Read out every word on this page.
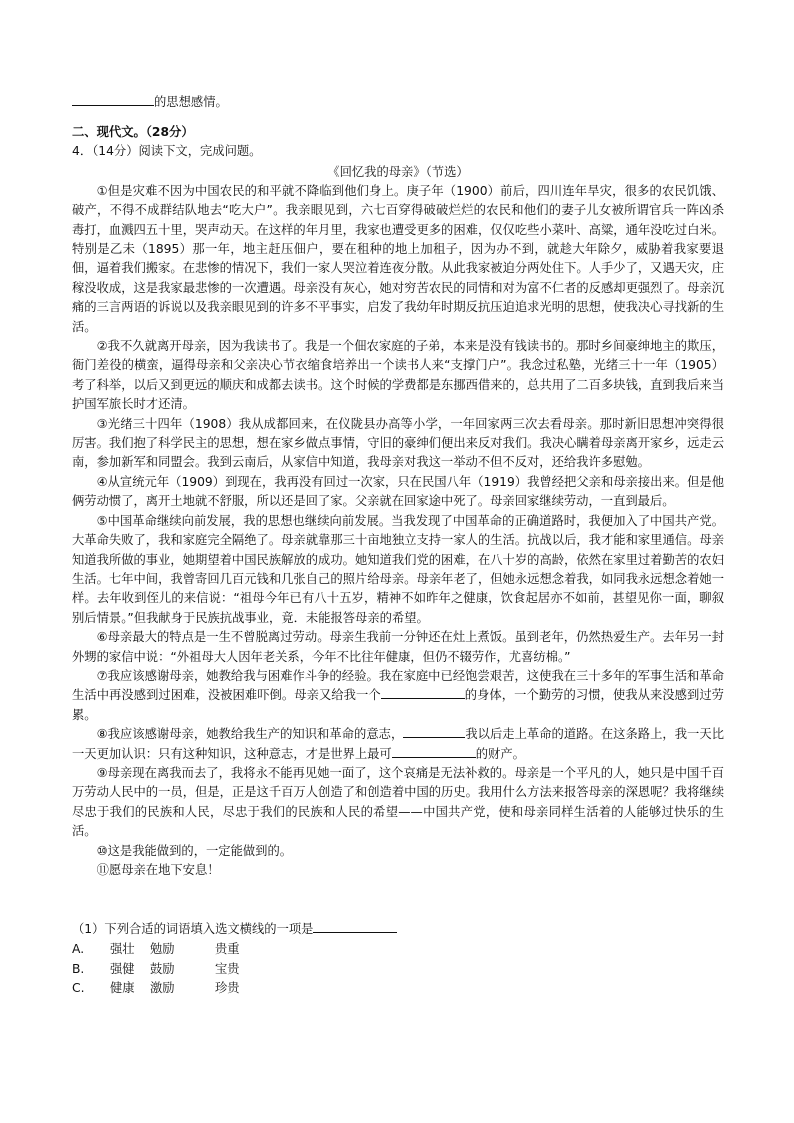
的思想感情。

二、现代文。（28分）

4．（14分）阅读下文，完成问题。

《回忆我的母亲》（节选）

①但是灾难不因为中国农民的和平就不降临到他们身上。庚子年（1900）前后，四川连年旱灾，很多的农民饥饿、破产，不得不成群结队地去“吃大户”。我亲眼见到，六七百穿得破破烂烂的农民和他们的妻子儿女被所谓官兵一阵凶杀毒打，血溅四五十里，哭声动天。在这样的年月里，我家也遭受更多的困难，仅仅吃些小菜叶、高粱，通年没吃过白米。特别是乙未（1895）那一年，地主赶压佃户，要在租种的地上加租子，因为办不到，就趁大年除夕，威胁着我家要退佃，逼着我们搬家。在悲惨的情况下，我们一家人哭泣着连夜分散。从此我家被迫分两处住下。人手少了，又遇天灾，庄稼没收成，这是我家最悲惨的一次遭遇。母亲没有灰心，她对穷苦农民的同情和对为富不仁者的反感却更强烈了。母亲沉痛的三言两语的诉说以及我亲眼见到的许多不平事实，启发了我幼年时期反抗压迫追求光明的思想，使我决心寻找新的生活。

②我不久就离开母亲，因为我读书了。我是一个佃农家庭的子弟，本来是没有钱读书的。那时乡间豪绅地主的欺压，衙门差役的横蛮，逼得母亲和父亲决心节衣缩食培养出一个读书人来“支撑门户”。我念过私塾，光绪三十一年（1905）考了科举，以后又到更远的顺庆和成都去读书。这个时候的学费都是东挪西借来的，总共用了二百多块钱，直到我后来当护国军旅长时才还清。

③光绪三十四年（1908）我从成都回来，在仪陇县办高等小学，一年回家两三次去看母亲。那时新旧思想冲突得很厉害。我们抱了科学民主的思想，想在家乡做点事情，守旧的豪绅们便出来反对我们。我决心瞒着母亲离开家乡，远走云南，参加新军和同盟会。我到云南后，从家信中知道，我母亲对我这一举动不但不反对，还给我许多慰勉。

④从宣统元年（1909）到现在，我再没有回过一次家，只在民国八年（1919）我曾经把父亲和母亲接出来。但是他俩劳动惯了，离开土地就不舒服，所以还是回了家。父亲就在回家途中死了。母亲回家继续劳动，一直到最后。

⑤中国革命继续向前发展，我的思想也继续向前发展。当我发现了中国革命的正确道路时，我便加入了中国共产党。大革命失败了，我和家庭完全隔绝了。母亲就靠那三十亩地独立支持一家人的生活。抗战以后，我才能和家里通信。母亲知道我所做的事业，她期望着中国民族解放的成功。她知道我们党的困难，在八十岁的高龄，依然在家里过着勤苦的农妇生活。七年中间，我曾寄回几百元钱和几张自己的照片给母亲。母亲年老了，但她永远想念着我，如同我永远想念着她一样。去年收到侄儿的来信说：“祖母今年已有八十五岁，精神不如昨年之健康，饮食起居亦不如前，甚望见你一面，聊叙别后情景。”但我献身于民族抗战事业，竟．未能报答母亲的希望。

⑥母亲最大的特点是一生不曾脱离过劳动。母亲生我前一分钟还在灶上煮饭。虽到老年，仍然热爱生产。去年另一封外甥的家信中说：“外祖母大人因年老关系，今年不比往年健康，但仍不辍劳作，尤喜纺棉。”

⑦我应该感谢母亲，她教给我与困难作斗争的经验。我在家庭中已经饱尝艰苦，这使我在三十多年的军事生活和革命生活中再没感到过困难，没被困难吓倒。母亲又给我一个	的身体，一个勤劳的习惯，使我从来没感到过劳累。

⑧我应该感谢母亲，她教给我生产的知识和革命的意志，	我以后走上革命的道路。在这条路上，我一天比一天更加认识：只有这种知识，这种意志，才是世界上最可	的财产。

⑨母亲现在离我而去了，我将永不能再见她一面了，这个哀痛是无法补救的。母亲是一个平凡的人，她只是中国千百万劳动人民中的一员，但是，正是这千百万人创造了和创造着中国的历史。我用什么方法来报答母亲的深恩呢？我将继续尽忠于我们的民族和人民，尽忠于我们的民族和人民的希望——中国共产党，使和母亲同样生活着的人能够过快乐的生活。

⑩这是我能做到的，一定能做到的。

⑪愿母亲在地下安息！

（1）下列合适的词语填入选文横线的一项是

A.	强壮	勉励	贵重
B.	强健	鼓励	宝贵
C.	健康	激励	珍贵
